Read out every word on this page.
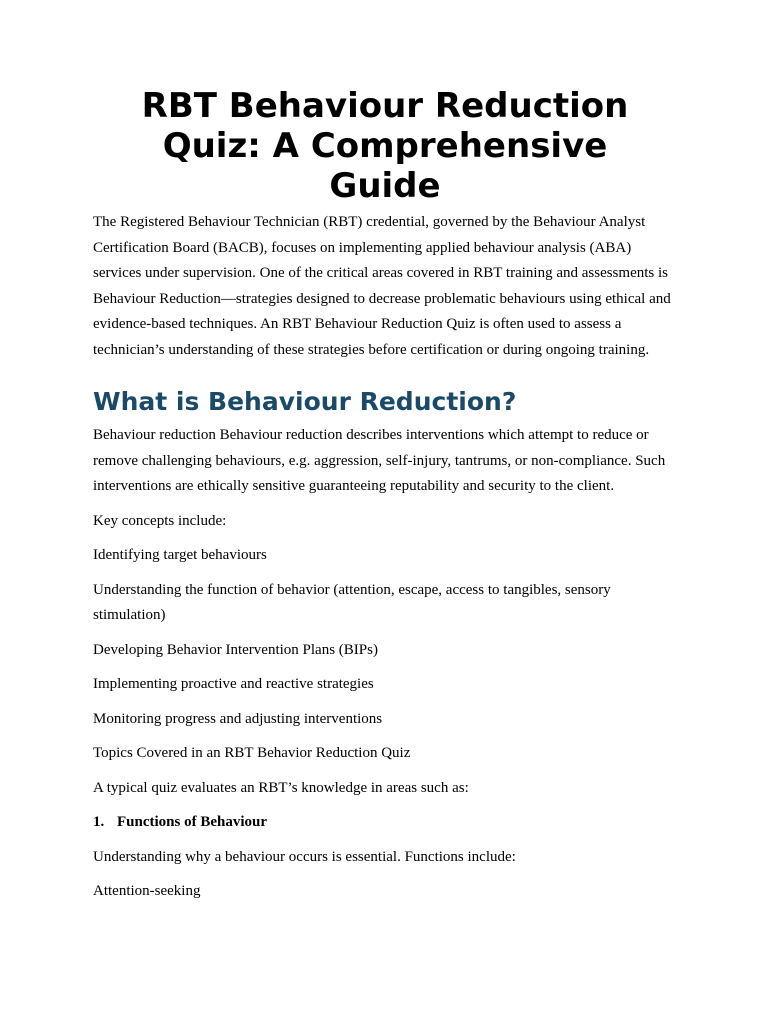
RBT Behaviour Reduction Quiz: A Comprehensive Guide

The Registered Behaviour Technician (RBT) credential, governed by the Behaviour Analyst Certification Board (BACB), focuses on implementing applied behaviour analysis (ABA) services under supervision. One of the critical areas covered in RBT training and assessments is Behaviour Reduction—strategies designed to decrease problematic behaviours using ethical and evidence-based techniques. An RBT Behaviour Reduction Quiz is often used to assess a technician’s understanding of these strategies before certification or during ongoing training.

What is Behaviour Reduction?

Behaviour reduction Behaviour reduction describes interventions which attempt to reduce or remove challenging behaviours, e.g. aggression, self-injury, tantrums, or non-compliance. Such interventions are ethically sensitive guaranteeing reputability and security to the client.

Key concepts include:

Identifying target behaviours

Understanding the function of behavior (attention, escape, access to tangibles, sensory stimulation)

Developing Behavior Intervention Plans (BIPs)

Implementing proactive and reactive strategies

Monitoring progress and adjusting interventions

Topics Covered in an RBT Behavior Reduction Quiz

A typical quiz evaluates an RBT’s knowledge in areas such as:

1. Functions of Behaviour

Understanding why a behaviour occurs is essential. Functions include:

Attention-seeking
